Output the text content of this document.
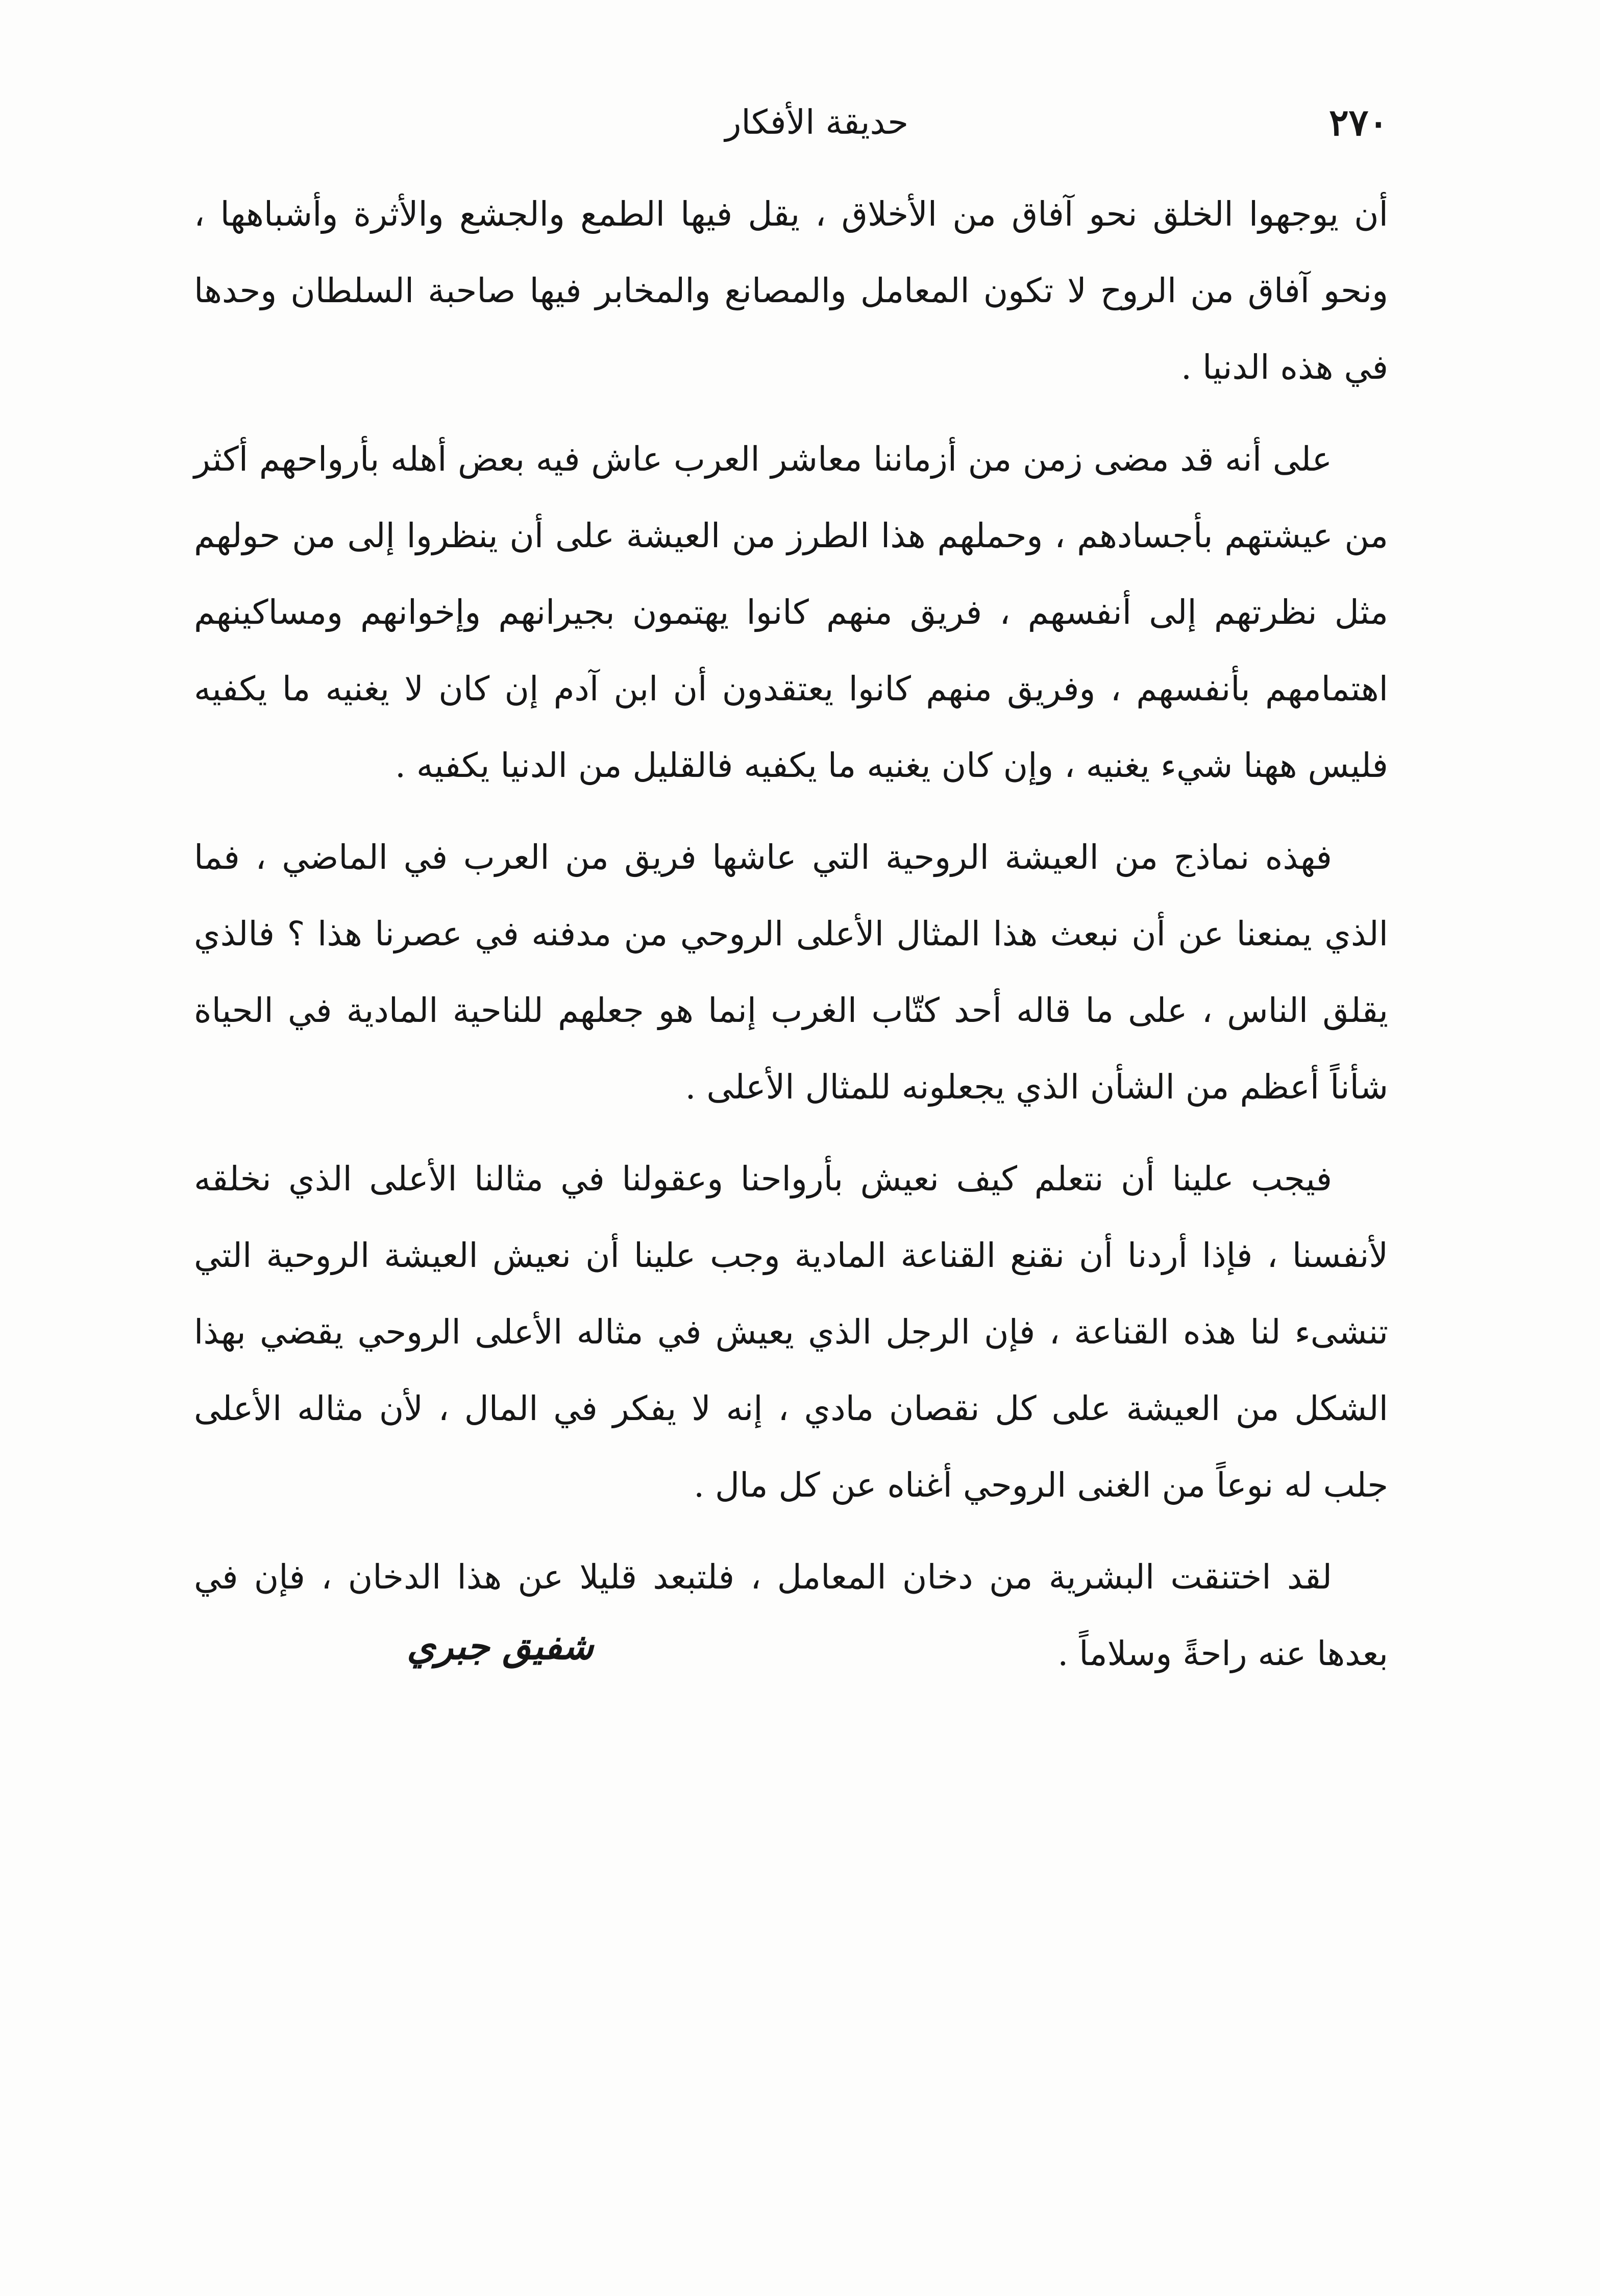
٢٧٠
حديقة الأفكار

أن يوجهوا الخلق نحو آفاق من الأخلاق ، يقل فيها الطمع والجشع والأثرة وأشباهها ، ونحو آفاق من الروح لا تكون المعامل والمصانع والمخابر فيها صاحبة السلطان وحدها في هذه الدنيا .

على أنه قد مضى زمن من أزماننا معاشر العرب عاش فيه بعض أهله بأرواحهم أكثر من عيشتهم بأجسادهم ، وحملهم هذا الطرز من العيشة على أن ينظروا إلى من حولهم مثل نظرتهم إلى أنفسهم ، فريق منهم كانوا يهتمون بجيرانهم وإخوانهم ومساكينهم اهتمامهم بأنفسهم ، وفريق منهم كانوا يعتقدون أن ابن آدم إن كان لا يغنيه ما يكفيه فليس ههنا شيء يغنيه ، وإن كان يغنيه ما يكفيه فالقليل من الدنيا يكفيه .

فهذه نماذج من العيشة الروحية التي عاشها فريق من العرب في الماضي ، فما الذي يمنعنا عن أن نبعث هذا المثال الأعلى الروحي من مدفنه في عصرنا هذا ؟ فالذي يقلق الناس ، على ما قاله أحد كتّاب الغرب إنما هو جعلهم للناحية المادية في الحياة شأناً أعظم من الشأن الذي يجعلونه للمثال الأعلى .

فيجب علينا أن نتعلم كيف نعيش بأرواحنا وعقولنا في مثالنا الأعلى الذي نخلقه لأنفسنا ، فإذا أردنا أن نقنع القناعة المادية وجب علينا أن نعيش العيشة الروحية التي تنشىء لنا هذه القناعة ، فإن الرجل الذي يعيش في مثاله الأعلى الروحي يقضي بهذا الشكل من العيشة على كل نقصان مادي ، إنه لا يفكر في المال ، لأن مثاله الأعلى جلب له نوعاً من الغنى الروحي أغناه عن كل مال .

لقد اختنقت البشرية من دخان المعامل ، فلتبعد قليلا عن هذا الدخان ، فإن في بعدها عنه راحةً وسلاماً .

شفيق جبري
